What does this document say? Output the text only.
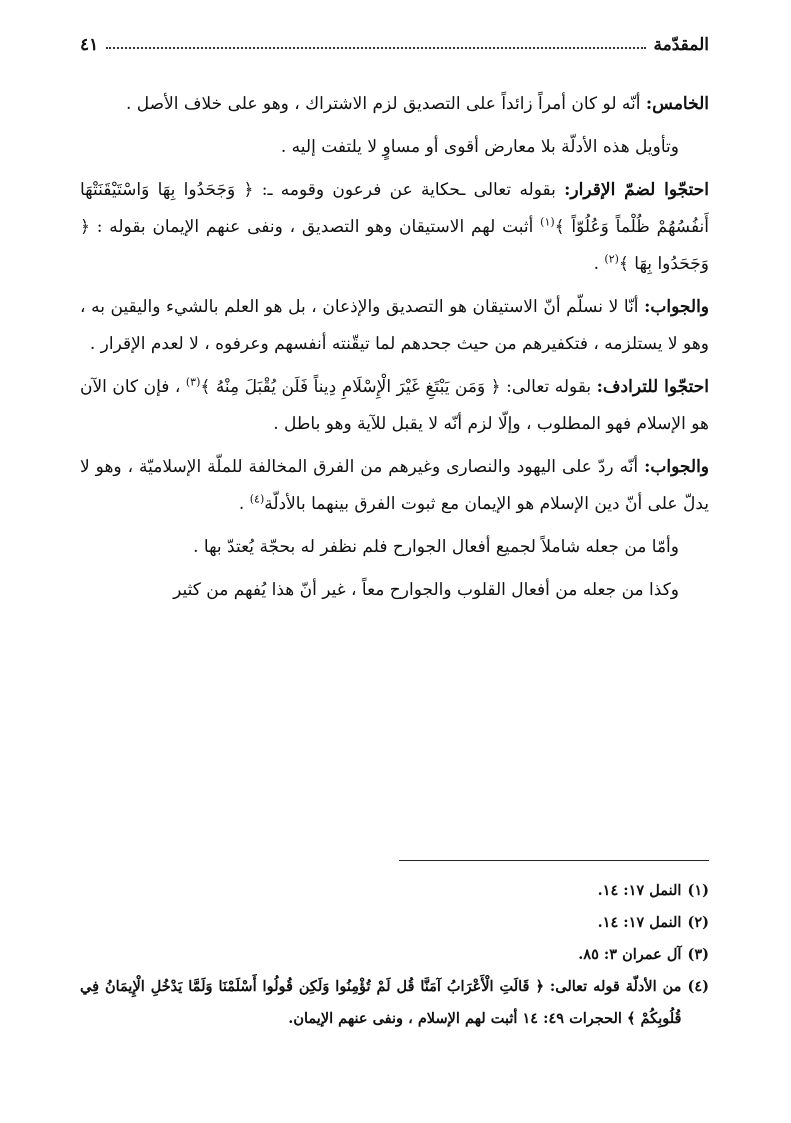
المقدّمة
٤١

الخامس: أنّه لو كان أمراً زائداً على التصديق لزم الاشتراك ، وهو على خلاف الأصل .

وتأويل هذه الأدلّة بلا معارض أقوى أو مساوٍ لا يلتفت إليه .

احتجّوا لضمّ الإقرار: بقوله تعالى ـحكاية عن فرعون وقومه ـ: ﴿ وَجَحَدُوا بِهَا وَاسْتَيْقَنَتْهَا أَنفُسُهُمْ ظُلْماً وَعُلُوّاً ﴾$^{(١)}$ أثبت لهم الاستيقان وهو التصديق ، ونفى عنهم الإيمان بقوله : ﴿ وَجَحَدُوا بِهَا ﴾$^{(٢)}$ .

والجواب: أنّا لا نسلّم أنّ الاستيقان هو التصديق والإذعان ، بل هو العلم بالشيء واليقين به ، وهو لا يستلزمه ، فتكفيرهم من حيث جحدهم لما تيقّنته أنفسهم وعرفوه ، لا لعدم الإقرار .

احتجّوا للترادف: بقوله تعالى: ﴿ وَمَن يَبْتَغِ غَيْرَ الْإِسْلَامِ دِيناً فَلَن يُقْبَلَ مِنْهُ ﴾$^{(٣)}$ ، فإن كان الآن هو الإسلام فهو المطلوب ، وإلّا لزم أنّه لا يقبل للآية وهو باطل .

والجواب: أنّه ردّ على اليهود والنصارى وغيرهم من الفرق المخالفة للملّة الإسلاميّة ، وهو لا يدلّ على أنّ دين الإسلام هو الإيمان مع ثبوت الفرق بينهما بالأدلّة$^{(٤)}$ .

وأمّا من جعله شاملاً لجميع أفعال الجوارح فلم نظفر له بحجّة يُعتدّ بها .

وكذا من جعله من أفعال القلوب والجوارح معاً ، غير أنّ هذا يُفهم من كثير

(١)
النمل ١٧: ١٤.
(٢)
النمل ١٧: ١٤.
(٣)
آل عمران ٣: ٨٥.
(٤)
من الأدلّة قوله تعالى: ﴿ قَالَتِ الْأَعْرَابُ آمَنَّا قُل لَمْ تُؤْمِنُوا وَلَكِن قُولُوا أَسْلَمْنَا وَلَمَّا يَدْخُلِ الْإِيمَانُ فِي قُلُوبِكُمْ ﴾ الحجرات ٤٩: ١٤ أثبت لهم الإسلام ، ونفى عنهم الإيمان.
